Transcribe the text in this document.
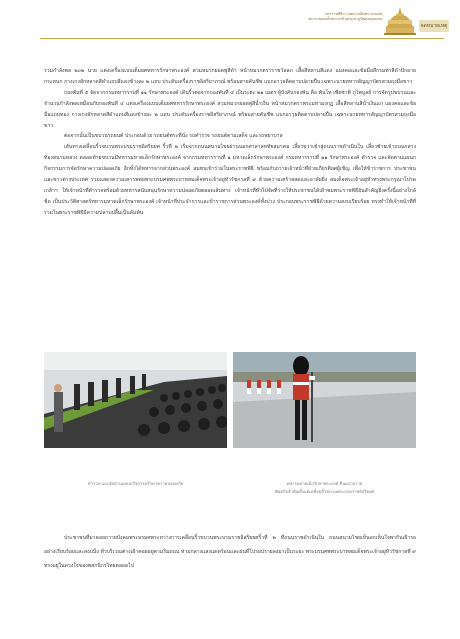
พระราชพิธีถวายพระเพลิงพระบรมศพ
พระบาทสมเด็จพระปรมินทรมหาภูมิพลอดุลยเดช
จดหมายเหตุ

รวมกำลังพล ๒๐๒ นาย แต่งเครื่องแบบเต็มยศทหารรักษาพระองค์ สวมหมวกยอดพู่สีดำ หน้าหมวกตราราชวัลลภ เสื้อสีหลานสีแดง แผงคอและข้อมือสีกรมท่าสีดำปักลายกระหนก กางเกงสักหลาดสีดำแถบสีแดงข้างละ ๒ แถบ ประดับเครื่องราชอิสริยาภรณ์ พร้อมสายคันชีพ แบกอาวุธติดดาบปลายปืน เฉพาะนายทหารสัญญาบัตรสวมถุงมือขาว

กองพันที่ ๕ จัดจากกรมทหารราบที่ ๑๑ รักษาพระองค์ เดินริ้วต่อจากกองพันที่ ๔ เป็นระยะ ๒๑ เมตร ผู้บังคับกองพัน คือ พันโท เพียซาติ ภูไพบูลย์ การจัดรูปขบวนและจำนวนกำลังพลเหมือนกับกองพันที่ ๔ แต่งเครื่องแบบเต็มยศทหารรักษาพระองค์ สวมหมวกยอดพู่สีน้ำเงิน หน้าหมวกตราพระมหามงกุฎ เสื้อสีหลานสีน้ำเงินแก่ แผงคอและข้อมือแถบทอง กางเกงสักหลาดสีดำแถบสีแดงข้างละ ๒ แถบ ประดับเครื่องราชอิสริยาภรณ์ พร้อมสายคันชีพ แบกอาวุธติดดาบปลายปืน เฉพาะนายทหารสัญญาบัตรสวมถุงมือขาว

ต่อจากนั้นเป็นขบวนรถยนต์ ประกอบด้วย รถยนต์พระที่นั่ง รถตำรวจ รถยนต์ตามเสด็จ และรถพยาบาล

เส้นทางเคลื่อนริ้วขบวนพระบรมราชอิสริยยศ ริ้วที่ ๒ เริ่มจากถนนสนามไชยผ่านนอกศาลาสหทัยสมาคม เลี้ยวขวาเข้าสู่ถนนราชดำเนินใน เลี้ยวซ้ายเข้าถนนกลางท้องสนามหลวง ตลอดท้ายขบวนมีทหารมหาดเล็กรักษาพระองค์ จากกรมทหารราบที่ ๑ มหาดเล็กรักษาพระองค์ กรมทหารราบที่ ๑๑ รักษาพระองค์ ตำรวจ และจัดตามแผนกกิจกรรมการจัดรักษาความปลอดภัย อีกทั้งได้ทหารจากส่วนพระองค์ สมทบเข้าร่วมในพระราชพิธี พร้อมกับถวายเจ้าหน้าที่ฝ่ายเกียรติยศผู้เชิญ เพื่อให้ข้าราชการ ประชาชน และชาวต่างประเทศ ร่วมแสดงความเคารพต่อพระบรมศพพระบาทสมเด็จพระเจ้าอยู่หัวรัชกาลที่ ๙ ด้วยความเศร้าสลดและอาลัยยิ่ง สมเด็จพระเจ้าอยู่หัวทรงพระกรุณาโปรดเกล้าฯ ให้เจ้าหน้าที่ตำรวจพร้อมด้วยทหารสนับสนุนรักษาความปลอดภัยตลอดเส้นทาง เจ้าหน้าที่ทั่วไปจัดที่ว่างให้ประชาชนได้เฝ้าชมพระราชพิธีอันสำคัญยิ่งครั้งนี้อย่างใกล้ชิด เป็นประวัติศาสตร์ทหารมหาดเล็กรักษาพระองค์ เจ้าหน้าที่ประจำการและข้าราชการส่วนพระองค์ทั้งปวง ประกอบพระราชพิธีด้วยความสงบเรียบร้อย ทรงทำให้เจ้าหน้าที่ที่ร่วมในพระราชพิธีมีความปลาบปลื้มเป็นล้นพ้น

ตำรวจ และจัดตามแผนกกิจกรรมรักษาความปลอดภัย	ทหารมหาดเล็กรักษาพระองค์ ยืนแถวถวาย
พันธกิจสำคัญตั้งแต่เคลื่อนริ้วขบวนพระบรมราชอิสริยยศ

ประชาชนที่มาคอยถวายบังคมพระบรมศพระหว่างการเคลื่อนริ้วขบวนพระบรมราชอิสริยยศริ้วที่ ๒ ที่ถนนราชดำเนินใน ถนนสนามไชยเห็นอกเห็นใจพากันเฝ้ารออย่างเรียบร้อยและสงบนิ่ง ทั่วบริเวณต่างเฝ้าคอยอยู่ตามริมถนน ท่ามกลางแสงแดดร้อนและฝนที่โปรยปรายลงมาเป็นระยะ พระบรมศพพระบาทสมเด็จพระเจ้าอยู่หัวรัชกาลที่ ๙ ทรงอยู่ในดวงใจของพสกนิกรไทยตลอดไป
